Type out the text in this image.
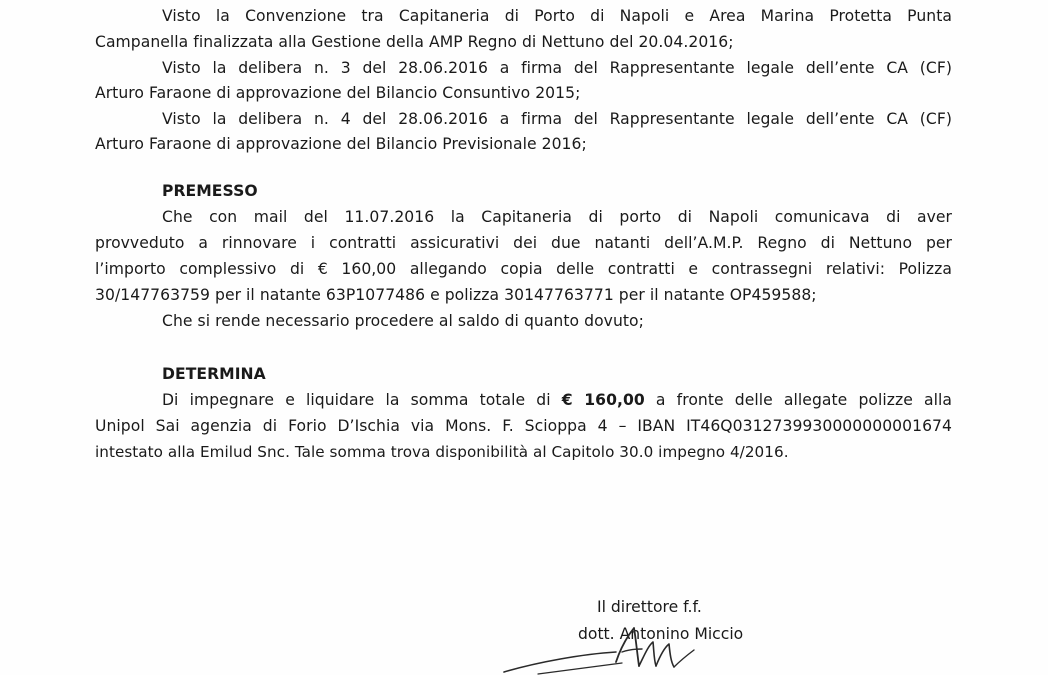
Visto la Convenzione tra Capitaneria di Porto di Napoli e Area Marina Protetta Punta
Campanella finalizzata alla Gestione della AMP Regno di Nettuno del 20.04.2016;
Visto la delibera n. 3 del 28.06.2016 a firma del Rappresentante legale dell’ente CA (CF)
Arturo Faraone di approvazione del Bilancio Consuntivo 2015;
Visto la delibera n. 4 del 28.06.2016 a firma del Rappresentante legale dell’ente CA (CF)
Arturo Faraone di approvazione del Bilancio Previsionale 2016;
PREMESSO
Che con mail del 11.07.2016 la Capitaneria di porto di Napoli comunicava di aver
provveduto a rinnovare i contratti assicurativi dei due natanti dell’A.M.P. Regno di Nettuno per
l’importo complessivo di € 160,00 allegando copia delle contratti e contrassegni relativi: Polizza
30/147763759 per il natante 63P1077486 e polizza 30147763771 per il natante OP459588;
Che si rende necessario procedere al saldo di quanto dovuto;
DETERMINA
Di impegnare e liquidare la somma totale di € 160,00 a fronte delle allegate polizze alla
Unipol Sai agenzia di Forio D’Ischia via Mons. F. Scioppa 4 – IBAN IT46Q0312739930000000001674
intestato alla Emilud Snc. Tale somma trova disponibilità al Capitolo 30.0 impegno 4/2016.
Il direttore f.f.
dott. Antonino Miccio
